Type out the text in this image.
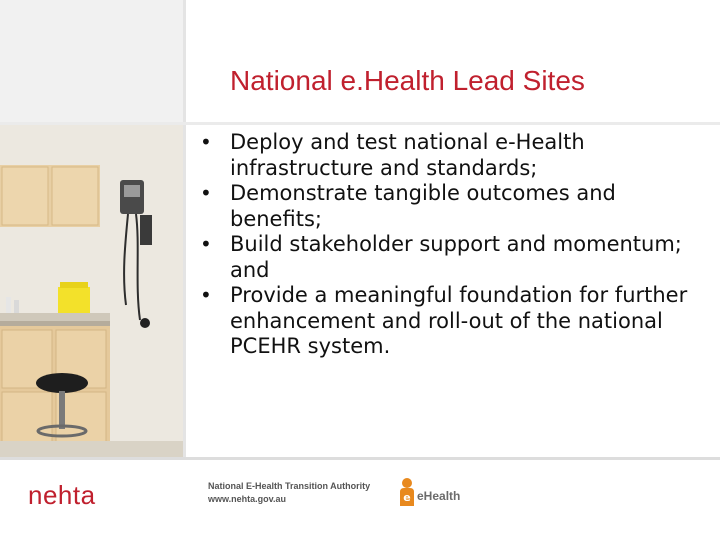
National e.Health Lead Sites
• Deploy and test national e-Health infrastructure and standards;
• Demonstrate tangible outcomes and benefits;
• Build stakeholder support and momentum; and
• Provide a meaningful foundation for further enhancement and roll-out of the national PCEHR system.
nehta	National E-Health Transition Authority
www.nehta.gov.au	e eHealth
